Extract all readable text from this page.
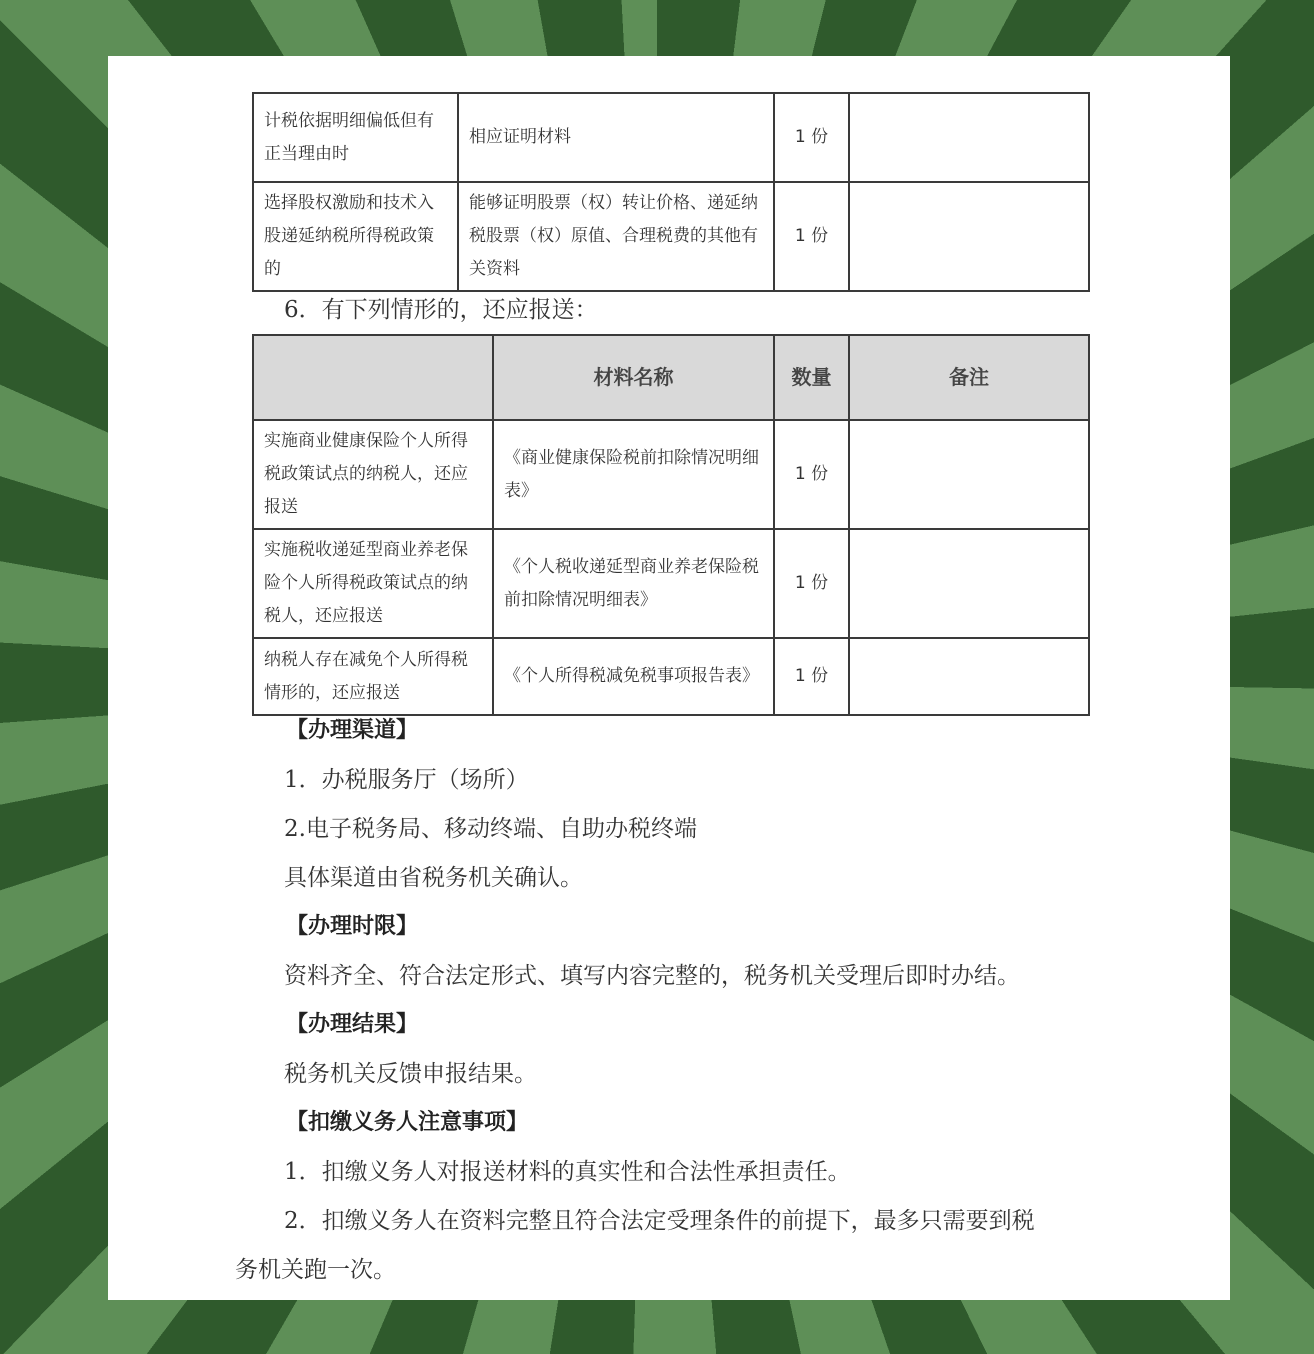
计税依据明细偏低但有正当理由时	相应证明材料	1 份	
选择股权激励和技术入股递延纳税所得税政策的	能够证明股票（权）转让价格、递延纳税股票（权）原值、合理税费的其他有关资料	1 份	

6．有下列情形的，还应报送：

	材料名称	数量	备注
实施商业健康保险个人所得税政策试点的纳税人，还应报送	《商业健康保险税前扣除情况明细表》	1 份	
实施税收递延型商业养老保险个人所得税政策试点的纳税人，还应报送	《个人税收递延型商业养老保险税前扣除情况明细表》	1 份	
纳税人存在减免个人所得税情形的，还应报送	《个人所得税减免税事项报告表》	1 份	

【办理渠道】

1．办税服务厅（场所）

2.电子税务局、移动终端、自助办税终端

具体渠道由省税务机关确认。

【办理时限】

资料齐全、符合法定形式、填写内容完整的，税务机关受理后即时办结。

【办理结果】

税务机关反馈申报结果。

【扣缴义务人注意事项】

1．扣缴义务人对报送材料的真实性和合法性承担责任。

2．扣缴义务人在资料完整且符合法定受理条件的前提下，最多只需要到税

务机关跑一次。
